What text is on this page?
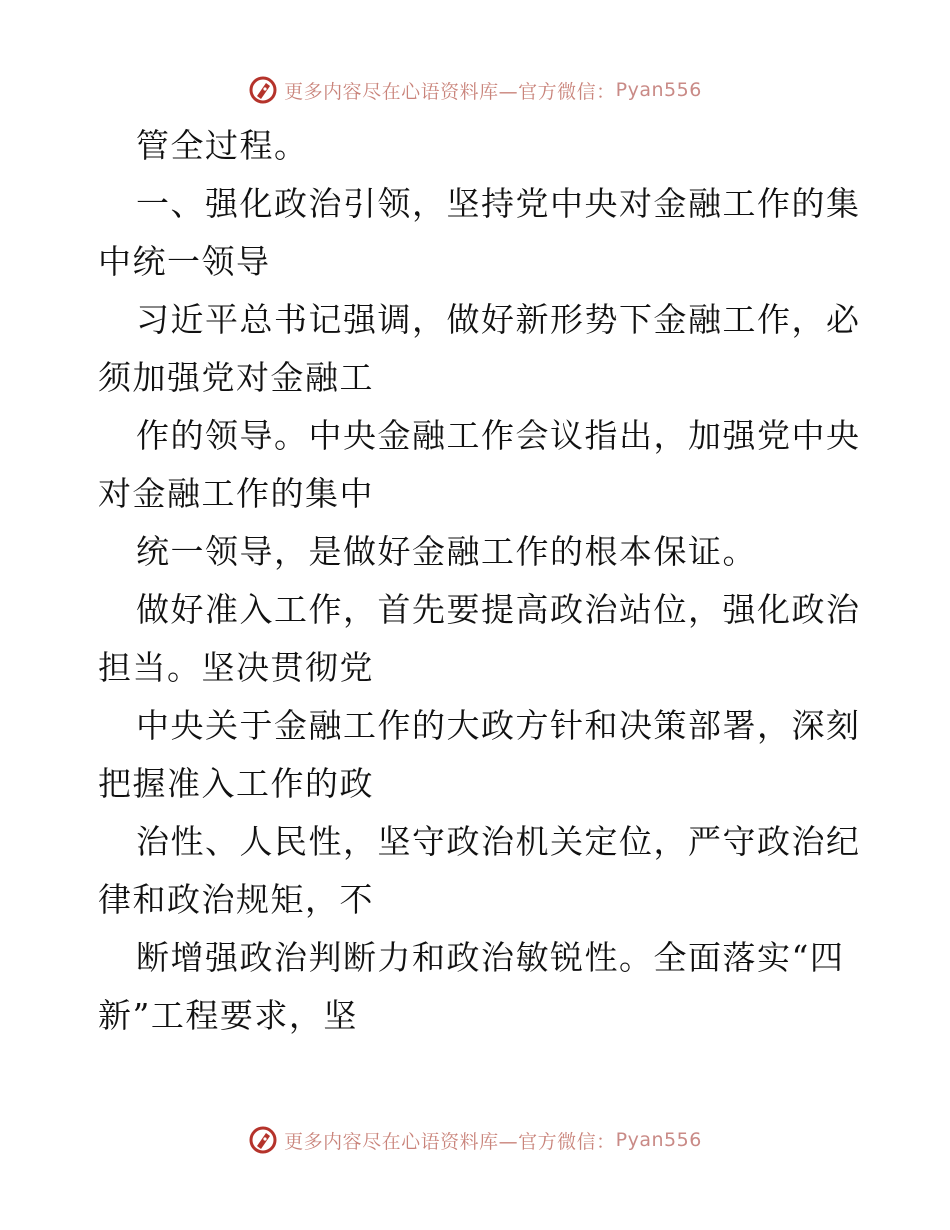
更多内容尽在心语资料库—官方微信： Pyan556
管全过程。
一、强化政治引领，坚持党中央对金融工作的集
中统一领导
习近平总书记强调，做好新形势下金融工作，必
须加强党对金融工
作的领导。中央金融工作会议指出，加强党中央
对金融工作的集中
统一领导，是做好金融工作的根本保证。
做好准入工作，首先要提高政治站位，强化政治
担当。坚决贯彻党
中央关于金融工作的大政方针和决策部署，深刻
把握准入工作的政
治性、人民性，坚守政治机关定位，严守政治纪
律和政治规矩，不
断增强政治判断力和政治敏锐性。全面落实“四
新”工程要求，坚
更多内容尽在心语资料库—官方微信： Pyan556
